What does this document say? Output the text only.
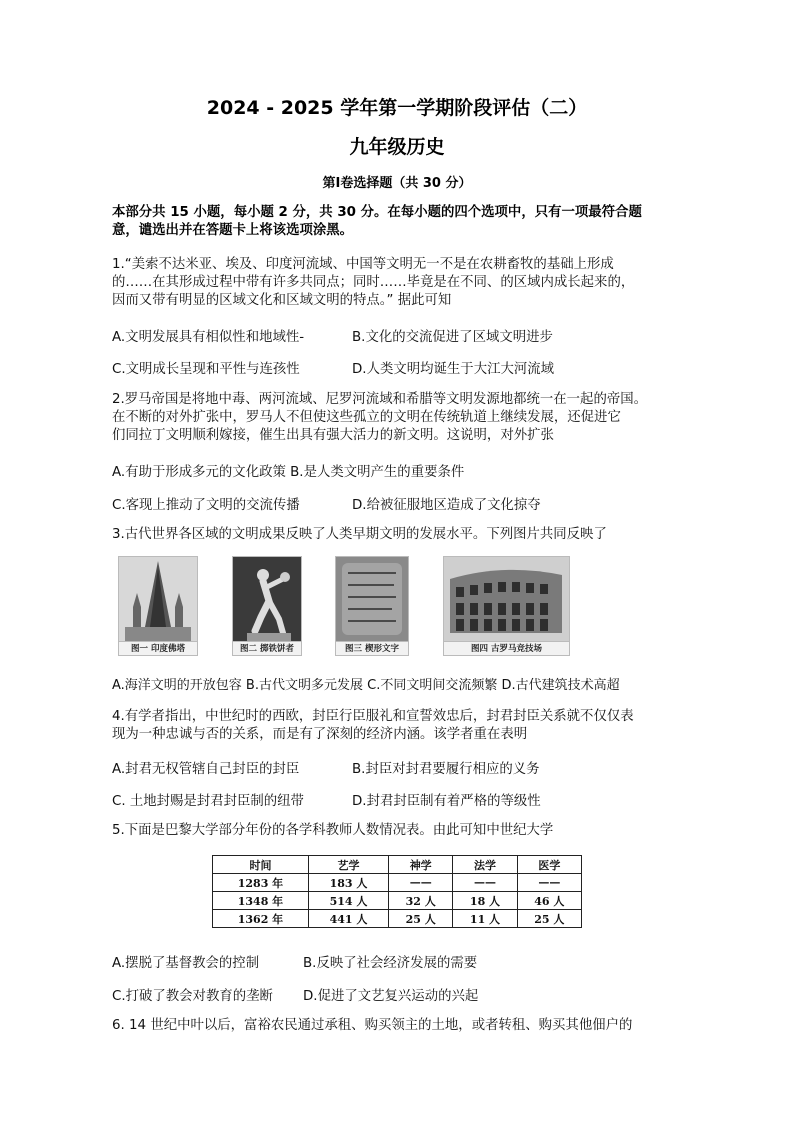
2024 - 2025 学年第一学期阶段评估（二）
九年级历史
第Ⅰ卷选择题（共 30 分）
本部分共 15 小题，每小题 2 分，共 30 分。在每小题的四个选项中，只有一项最符合题
意，谴选出并在答题卡上将该选项涂黑。
1.“美索不达米亚、埃及、印度河流域、中国等文明无一不是在农耕畜牧的基础上形成
的……在其形成过程中带有许多共同点；同时……毕竟是在不同、的区域内成长起来的，
因而又带有明显的区域文化和区域文明的特点。” 据此可知
A.文明发展具有相似性和地域性-	B.文化的交流促进了区域文明进步
C.文明成长呈现和平性与连孩性	D.人类文明均诞生于大江大河流域
2.罗马帝国是将地中毒、两河流域、尼罗河流域和希腊等文明发源地都统一在一起的帝国。
在不断的对外扩张中，罗马人不但使这些孤立的文明在传统轨道上继续发展，还促进它
们同拉丁文明顺利嫁接，催生出具有强大活力的新文明。这说明，对外扩张
A.有助于形成多元的文化政策 B.是人类文明产生的重要条件
C.客现上推动了文明的交流传播	D.给被征服地区造成了文化掠夺
3.古代世界各区域的文明成果反映了人类早期文明的发展水平。下列图片共同反映了
图一 印度佛塔	图二 掷铁饼者	图三 楔形文字	图四 古罗马竞技场
A.海洋文明的开放包容 B.古代文明多元发展 C.不同文明间交流频繁 D.古代建筑技术高超
4.有学者指出，中世纪时的西欧，封臣行臣服礼和宣誓效忠后，封君封臣关系就不仅仅表
现为一种忠诚与否的关系，而是有了深刻的经济内涵。该学者重在表明
A.封君无权管辖自己封臣的封臣	B.封臣对封君要履行相应的义务
C. 土地封赐是封君封臣制的纽带	D.封君封臣制有着严格的等级性
5.下面是巴黎大学部分年份的各学科教师人数情况表。由此可知中世纪大学
时间	艺学	神学	法学	医学
1283 年	183 人	——	——	——
1348 年	514 人	32 人	18 人	46 人
1362 年	441 人	25 人	11 人	25 人
A.摆脱了基督教会的控制	B.反映了社会经济发展的需要
C.打破了教会对教育的垄断 D.促进了文艺复兴运动的兴起
6. 14 世纪中叶以后，富裕农民通过承租、购买领主的土地，或者转租、购买其他佃户的
